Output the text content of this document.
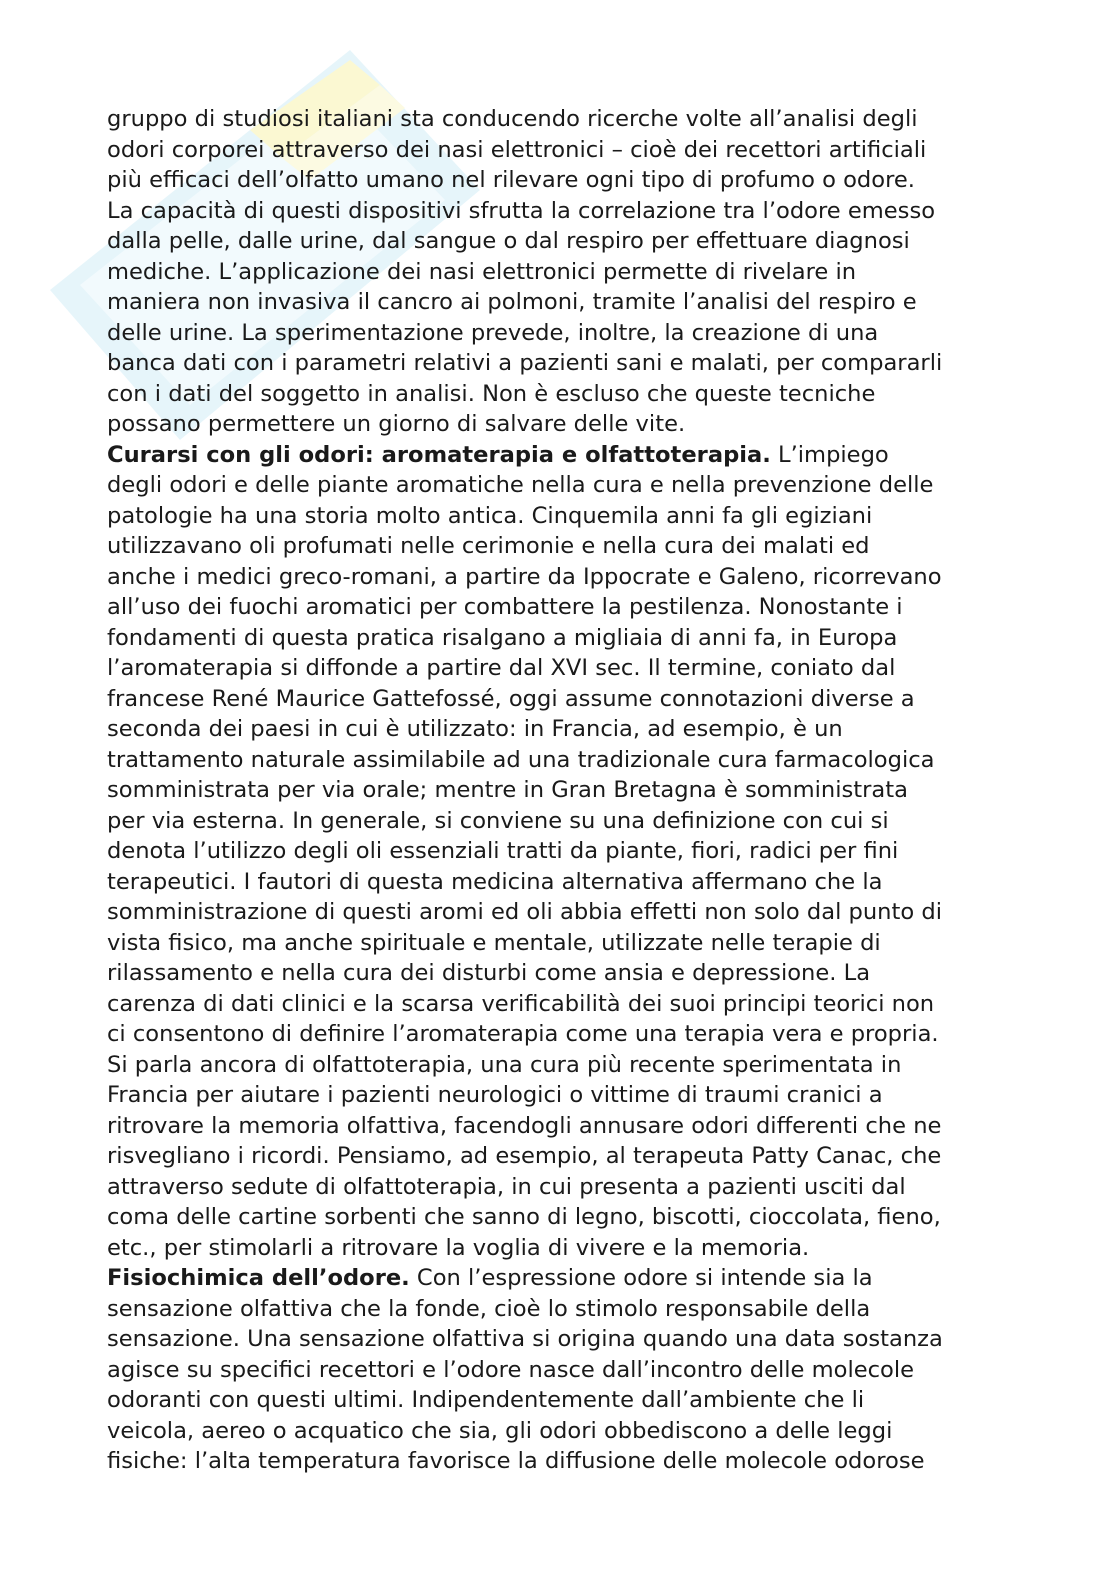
gruppo di studiosi italiani sta conducendo ricerche volte all’analisi degli
odori corporei attraverso dei nasi elettronici – cioè dei recettori artificiali
più efficaci dell’olfatto umano nel rilevare ogni tipo di profumo o odore.
La capacità di questi dispositivi sfrutta la correlazione tra l’odore emesso
dalla pelle, dalle urine, dal sangue o dal respiro per effettuare diagnosi
mediche. L’applicazione dei nasi elettronici permette di rivelare in
maniera non invasiva il cancro ai polmoni, tramite l’analisi del respiro e
delle urine. La sperimentazione prevede, inoltre, la creazione di una
banca dati con i parametri relativi a pazienti sani e malati, per compararli
con i dati del soggetto in analisi. Non è escluso che queste tecniche
possano permettere un giorno di salvare delle vite.
Curarsi con gli odori: aromaterapia e olfattoterapia. L’impiego
degli odori e delle piante aromatiche nella cura e nella prevenzione delle
patologie ha una storia molto antica. Cinquemila anni fa gli egiziani
utilizzavano oli profumati nelle cerimonie e nella cura dei malati ed
anche i medici greco-romani, a partire da Ippocrate e Galeno, ricorrevano
all’uso dei fuochi aromatici per combattere la pestilenza. Nonostante i
fondamenti di questa pratica risalgano a migliaia di anni fa, in Europa
l’aromaterapia si diffonde a partire dal XVI sec. Il termine, coniato dal
francese René Maurice Gattefossé, oggi assume connotazioni diverse a
seconda dei paesi in cui è utilizzato: in Francia, ad esempio, è un
trattamento naturale assimilabile ad una tradizionale cura farmacologica
somministrata per via orale; mentre in Gran Bretagna è somministrata
per via esterna. In generale, si conviene su una definizione con cui si
denota l’utilizzo degli oli essenziali tratti da piante, fiori, radici per fini
terapeutici. I fautori di questa medicina alternativa affermano che la
somministrazione di questi aromi ed oli abbia effetti non solo dal punto di
vista fisico, ma anche spirituale e mentale, utilizzate nelle terapie di
rilassamento e nella cura dei disturbi come ansia e depressione. La
carenza di dati clinici e la scarsa verificabilità dei suoi principi teorici non
ci consentono di definire l’aromaterapia come una terapia vera e propria.
Si parla ancora di olfattoterapia, una cura più recente sperimentata in
Francia per aiutare i pazienti neurologici o vittime di traumi cranici a
ritrovare la memoria olfattiva, facendogli annusare odori differenti che ne
risvegliano i ricordi. Pensiamo, ad esempio, al terapeuta Patty Canac, che
attraverso sedute di olfattoterapia, in cui presenta a pazienti usciti dal
coma delle cartine sorbenti che sanno di legno, biscotti, cioccolata, fieno,
etc., per stimolarli a ritrovare la voglia di vivere e la memoria.
Fisiochimica dell’odore. Con l’espressione odore si intende sia la
sensazione olfattiva che la fonde, cioè lo stimolo responsabile della
sensazione. Una sensazione olfattiva si origina quando una data sostanza
agisce su specifici recettori e l’odore nasce dall’incontro delle molecole
odoranti con questi ultimi. Indipendentemente dall’ambiente che li
veicola, aereo o acquatico che sia, gli odori obbediscono a delle leggi
fisiche: l’alta temperatura favorisce la diffusione delle molecole odorose
